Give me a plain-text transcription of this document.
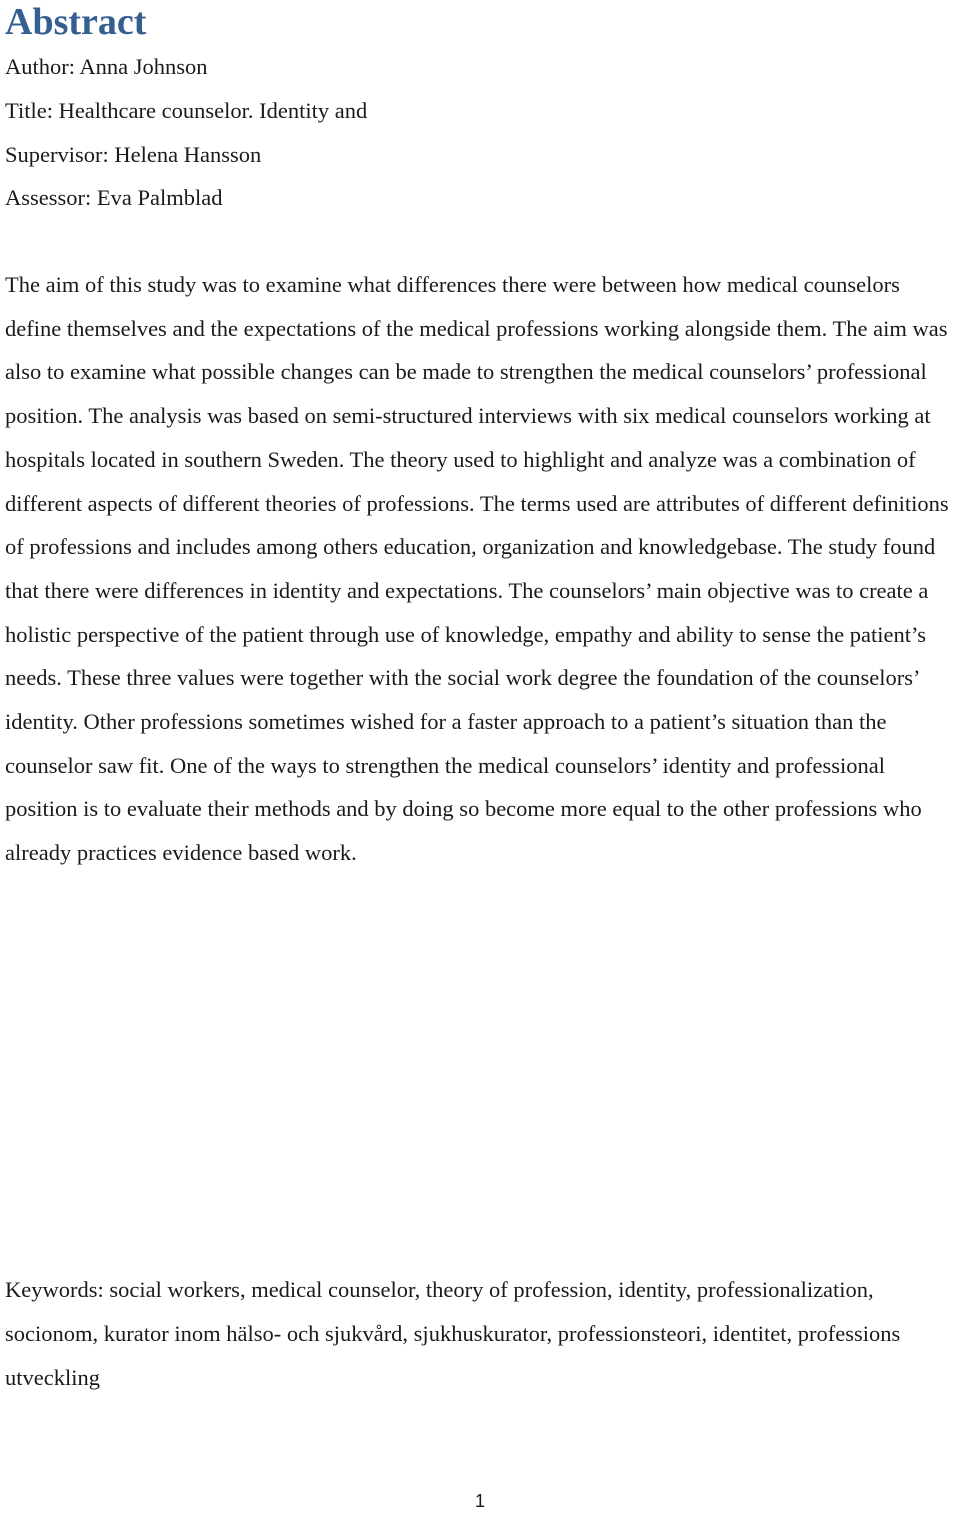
Abstract
Author: Anna Johnson
Title: Healthcare counselor. Identity and
Supervisor: Helena Hansson
Assessor: Eva Palmblad

The aim of this study was to examine what differences there were between how medical counselors define themselves and the expectations of the medical professions working alongside them. The aim was also to examine what possible changes can be made to strengthen the medical counselors’ professional position. The analysis was based on semi-structured interviews with six medical counselors working at hospitals located in southern Sweden. The theory used to highlight and analyze was a combination of different aspects of different theories of professions. The terms used are attributes of different definitions of professions and includes among others education, organization and knowledgebase. The study found that there were differences in identity and expectations. The counselors’ main objective was to create a holistic perspective of the patient through use of knowledge, empathy and ability to sense the patient’s needs. These three values were together with the social work degree the foundation of the counselors’ identity. Other professions sometimes wished for a faster approach to a patient’s situation than the counselor saw fit. One of the ways to strengthen the medical counselors’ identity and professional position is to evaluate their methods and by doing so become more equal to the other professions who already practices evidence based work.

Keywords: social workers, medical counselor, theory of profession, identity, professionalization, socionom, kurator inom hälso- och sjukvård, sjukhuskurator, professionsteori, identitet, professions utveckling

1
